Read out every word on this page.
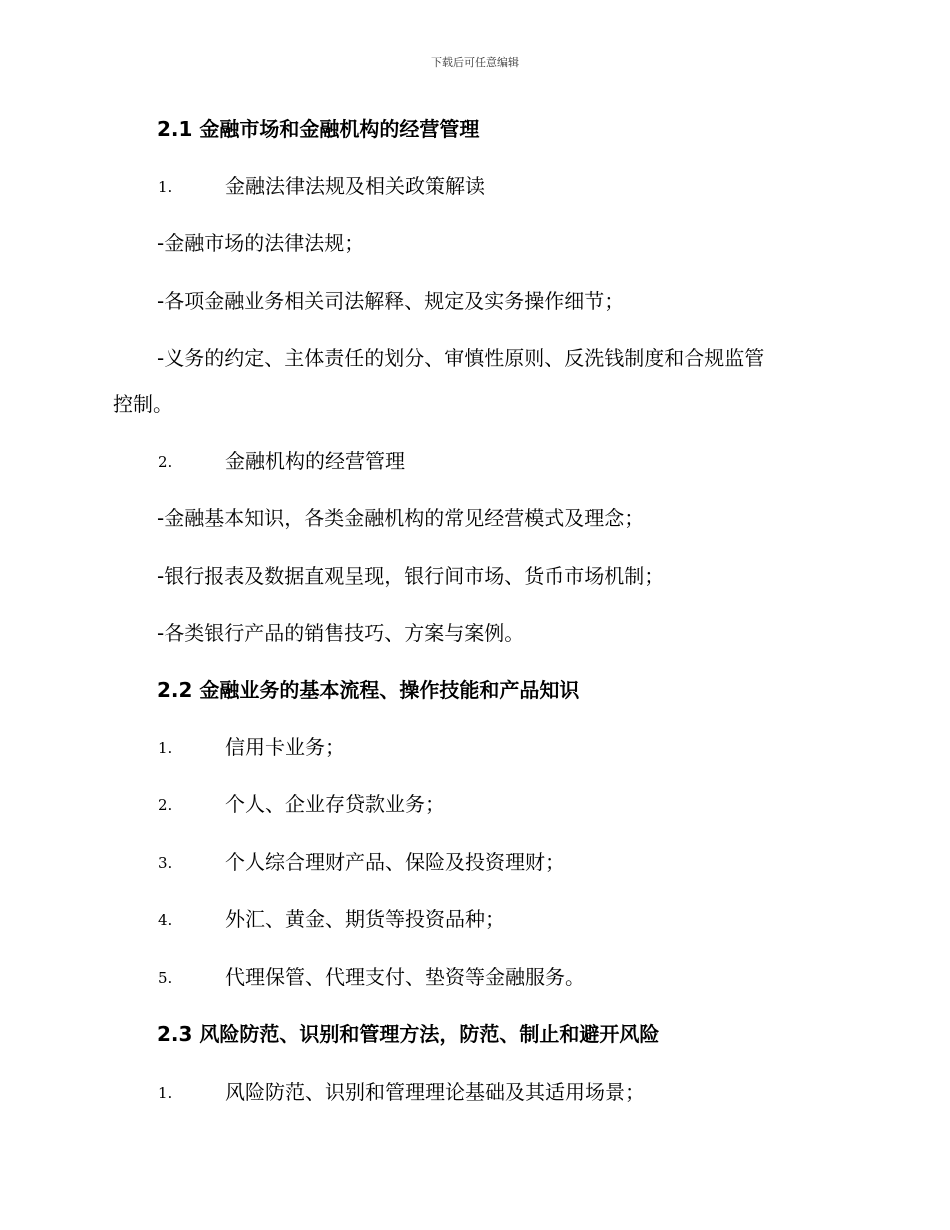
下载后可任意编辑
2.1 金融市场和金融机构的经营管理
1.	金融法律法规及相关政策解读
-金融市场的法律法规；
-各项金融业务相关司法解释、规定及实务操作细节；
-义务的约定、主体责任的划分、审慎性原则、反洗钱制度和合规监管
控制。
2.	金融机构的经营管理
-金融基本知识，各类金融机构的常见经营模式及理念；
-银行报表及数据直观呈现，银行间市场、货币市场机制；
-各类银行产品的销售技巧、方案与案例。
2.2 金融业务的基本流程、操作技能和产品知识
1.	信用卡业务；
2.	个人、企业存贷款业务；
3.	个人综合理财产品、保险及投资理财；
4.	外汇、黄金、期货等投资品种；
5.	代理保管、代理支付、垫资等金融服务。
2.3 风险防范、识别和管理方法，防范、制止和避开风险
1.	风险防范、识别和管理理论基础及其适用场景；
